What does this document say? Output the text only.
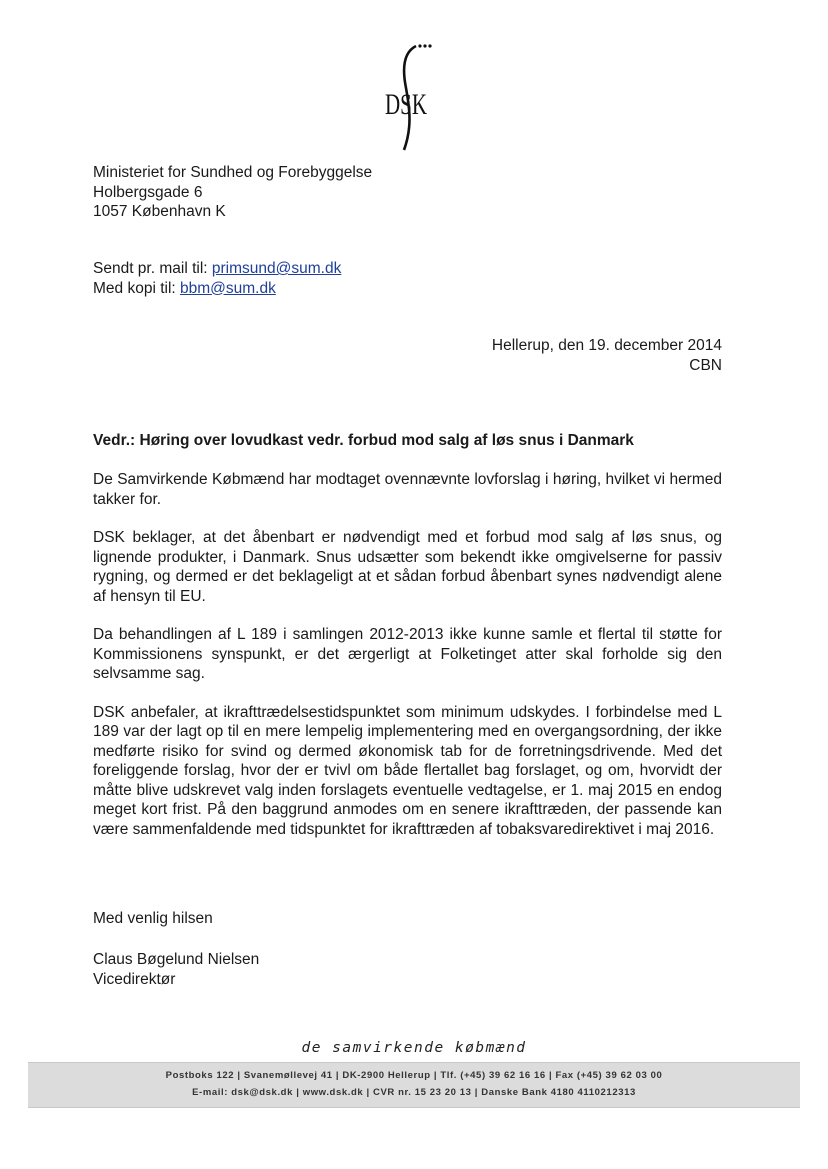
DSK
Ministeriet for Sundhed og Forebyggelse
Holbergsgade 6
1057 København K
Sendt pr. mail til: primsund@sum.dk
Med kopi til: bbm@sum.dk
Hellerup, den 19. december 2014
CBN
Vedr.: Høring over lovudkast vedr. forbud mod salg af løs snus i Danmark

De Samvirkende Købmænd har modtaget ovennævnte lovforslag i høring, hvilket vi hermed takker for.

DSK beklager, at det åbenbart er nødvendigt med et forbud mod salg af løs snus, og lignende produkter, i Danmark. Snus udsætter som bekendt ikke omgivelserne for passiv rygning, og dermed er det beklageligt at et sådan forbud åbenbart synes nødvendigt alene af hensyn til EU.

Da behandlingen af L 189 i samlingen 2012-2013 ikke kunne samle et flertal til støtte for Kommissionens synspunkt, er det ærgerligt at Folketinget atter skal forholde sig den selvsamme sag.

DSK anbefaler, at ikrafttrædelsestidspunktet som minimum udskydes. I forbindelse med L 189 var der lagt op til en mere lempelig implementering med en overgangsordning, der ikke medførte risiko for svind og dermed økonomisk tab for de forretningsdrivende. Med det foreliggende forslag, hvor der er tvivl om både flertallet bag forslaget, og om, hvorvidt der måtte blive udskrevet valg inden forslagets eventuelle vedtagelse, er 1. maj 2015 en endog meget kort frist. På den baggrund anmodes om en senere ikrafttræden, der passende kan være sammenfaldende med tidspunktet for ikrafttræden af tobaksvaredirektivet i maj 2016.

Med venlig hilsen
Claus Bøgelund Nielsen
Vicedirektør
de samvirkende købmænd
Postboks 122 | Svanemøllevej 41 | DK-2900 Hellerup | Tlf. (+45) 39 62 16 16 | Fax (+45) 39 62 03 00
E-mail: dsk@dsk.dk | www.dsk.dk | CVR nr. 15 23 20 13 | Danske Bank 4180 4110212313
